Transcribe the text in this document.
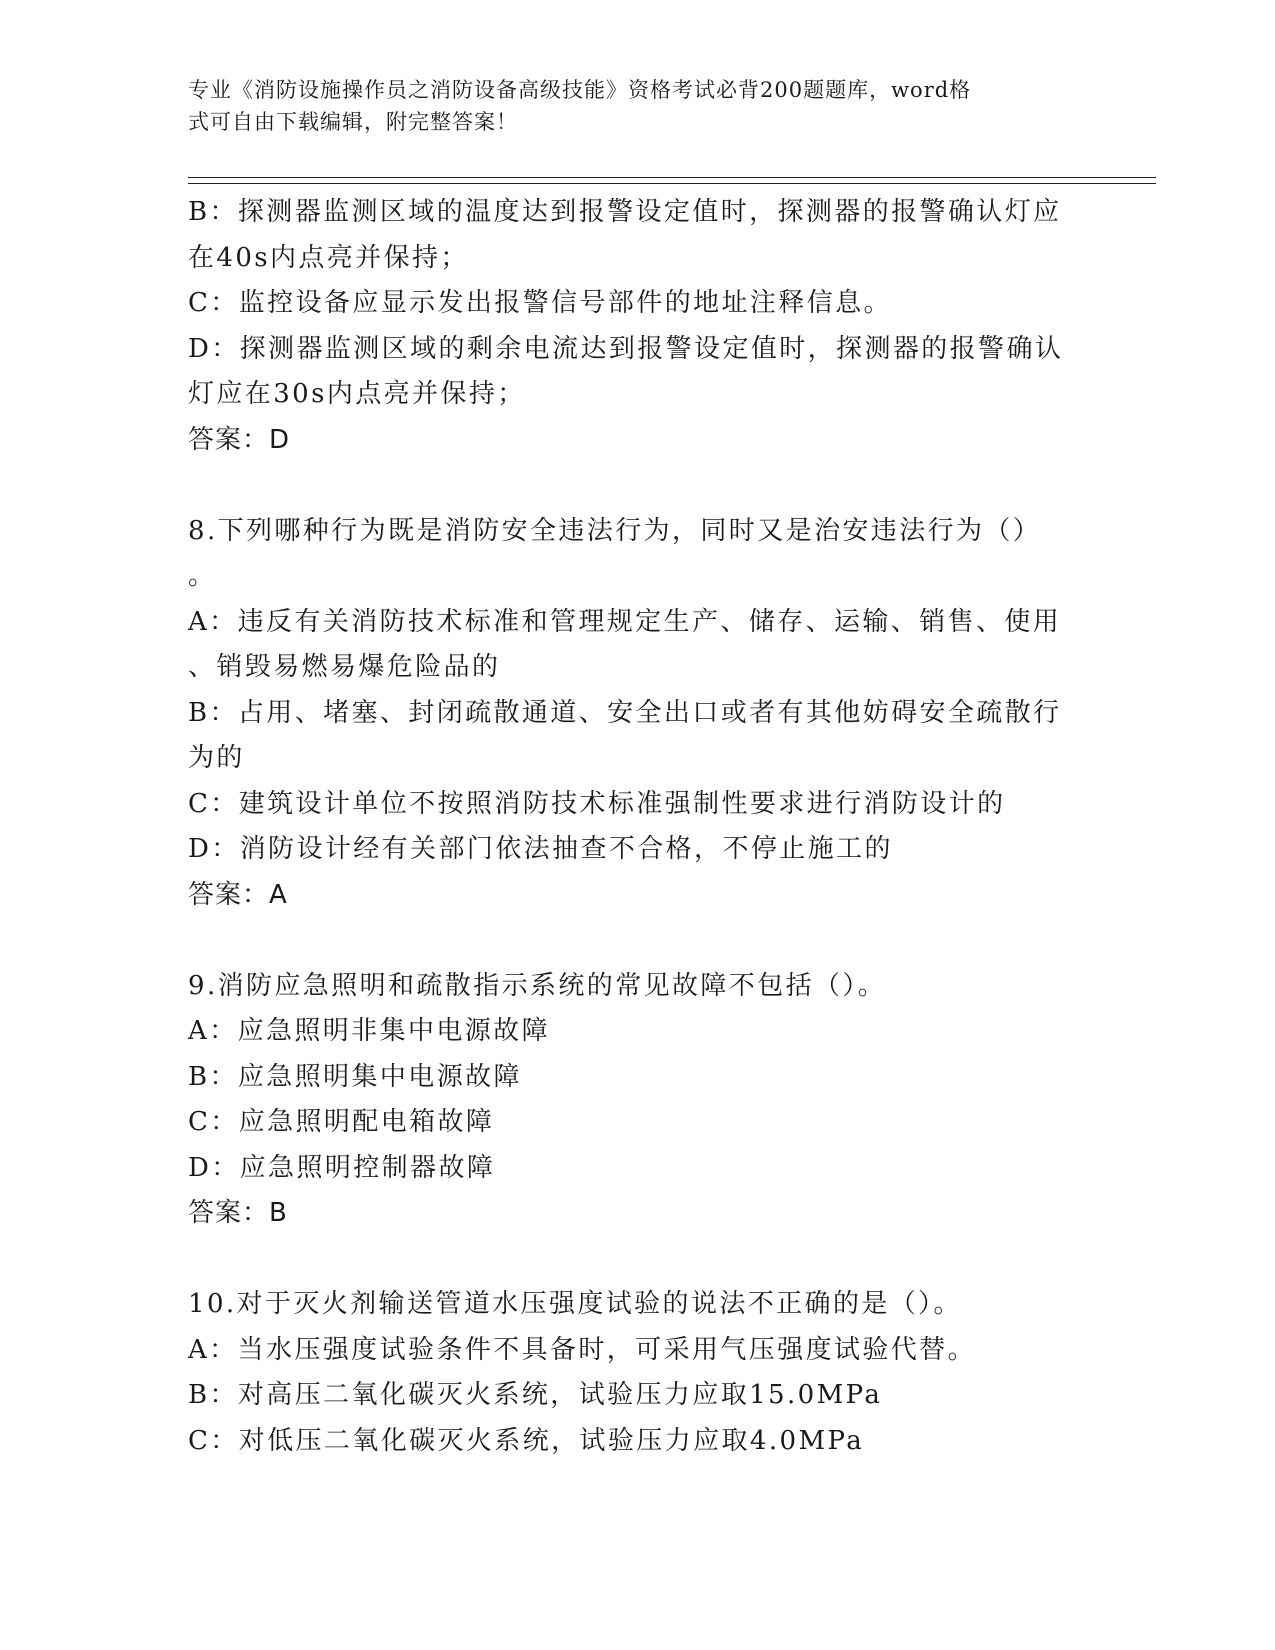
专业《消防设施操作员之消防设备高级技能》资格考试必背200题题库，word格
式可自由下载编辑，附完整答案！
B：探测器监测区域的温度达到报警设定值时，探测器的报警确认灯应
在40s内点亮并保持；
C：监控设备应显示发出报警信号部件的地址注释信息。
D：探测器监测区域的剩余电流达到报警设定值时，探测器的报警确认
灯应在30s内点亮并保持；
答案：D
8.下列哪种行为既是消防安全违法行为，同时又是治安违法行为（）
。
A：违反有关消防技术标准和管理规定生产、储存、运输、销售、使用
、销毁易燃易爆危险品的
B：占用、堵塞、封闭疏散通道、安全出口或者有其他妨碍安全疏散行
为的
C：建筑设计单位不按照消防技术标准强制性要求进行消防设计的
D：消防设计经有关部门依法抽查不合格，不停止施工的
答案：A
9.消防应急照明和疏散指示系统的常见故障不包括（）。
A：应急照明非集中电源故障
B：应急照明集中电源故障
C：应急照明配电箱故障
D：应急照明控制器故障
答案：B
10.对于灭火剂输送管道水压强度试验的说法不正确的是（）。
A：当水压强度试验条件不具备时，可采用气压强度试验代替。
B：对高压二氧化碳灭火系统，试验压力应取15.0MPa
C：对低压二氧化碳灭火系统，试验压力应取4.0MPa
